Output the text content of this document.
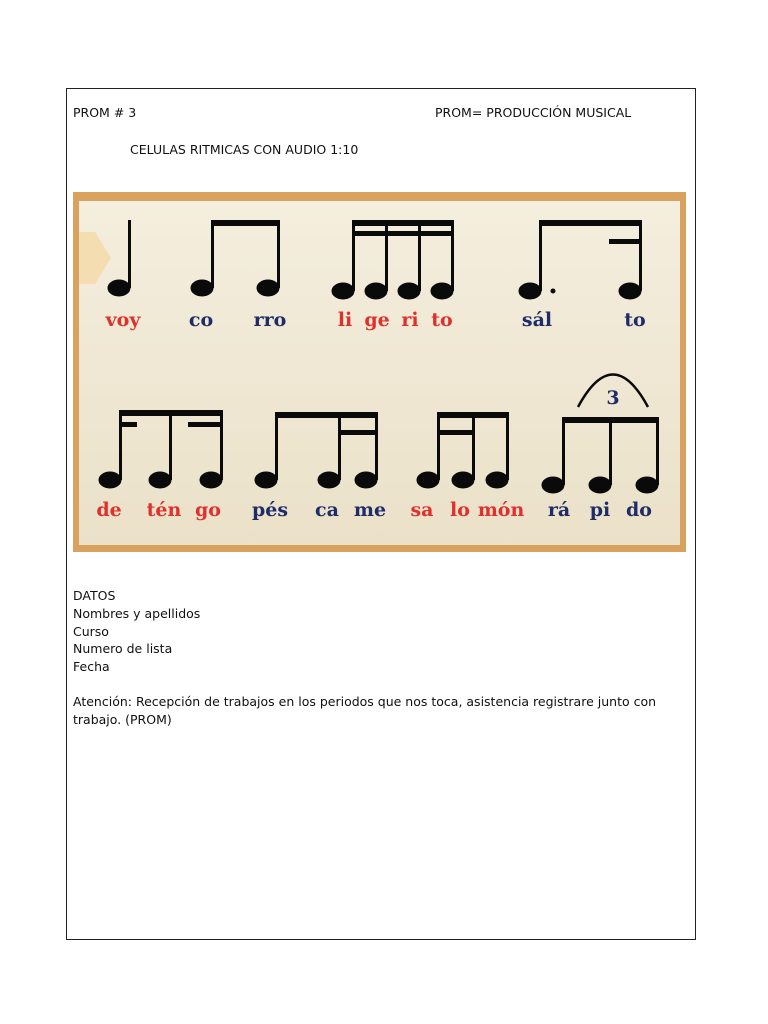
PROM # 3	PROM= PRODUCCIÓN MUSICAL
CELULAS RITMICAS CON AUDIO 1:10
3
voy	co rro	li ge ri to	sál	to
de tén go pés ca me sa lo món rá pi do
DATOS
Nombres y apellidos
Curso
Numero de lista
Fecha
Atención: Recepción de trabajos en los periodos que nos toca, asistencia registrare junto con trabajo. (PROM)
